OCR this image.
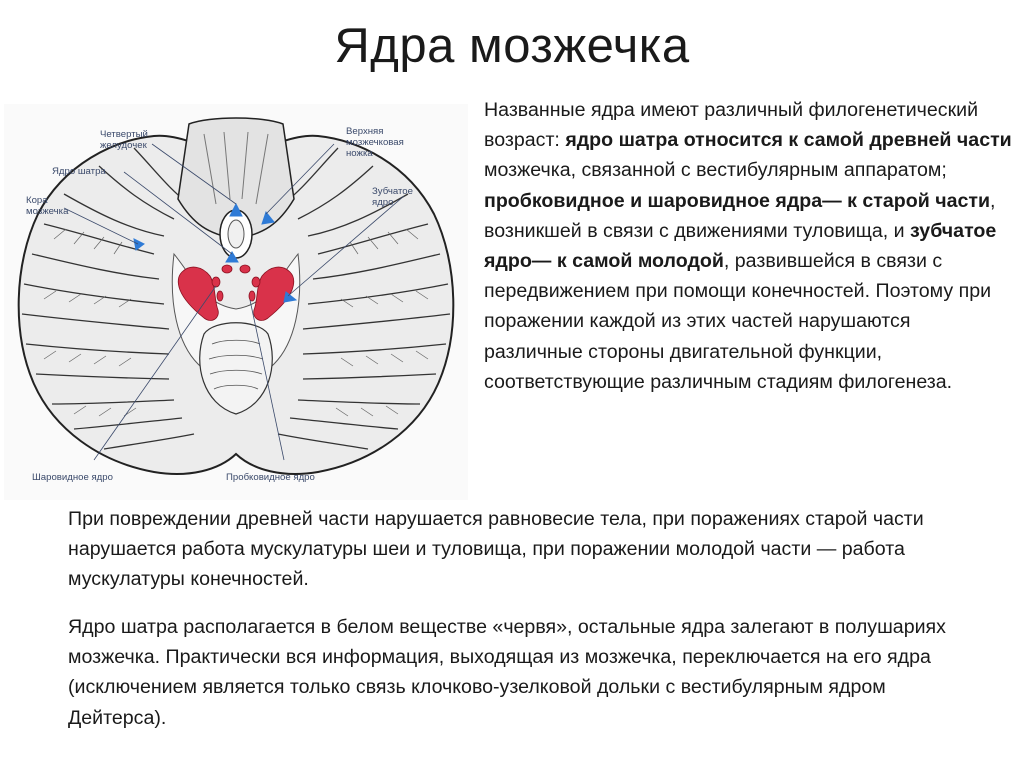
Ядра мозжечка
Четвертый
желудочек
Верхняя
мозжечковая
ножка
Ядро шатра
Зубчатое
ядро
Кора
мозжечка
Шаровидное ядро	Пробковидное ядро
Названные ядра имеют различный филогенетический возраст: ядро шатра относится к самой древней части мозжечка, связанной с вестибулярным аппаратом; пробковидное и шаровидное ядра— к старой части, возникшей в связи с движениями туловища, и зубчатое ядро— к самой молодой, развившейся в связи с передвижением при помощи конечностей. Поэтому при поражении каждой из этих частей нарушаются различные стороны двигательной функции, соответствующие различным стадиям филогенеза.

При повреждении древней части нарушается равновесие тела, при поражениях старой части нарушается работа мускулатуры шеи и туловища, при поражении молодой части — работа мускулатуры конечностей.

Ядро шатра располагается в белом веществе «червя», остальные ядра залегают в полушариях мозжечка. Практически вся информация, выходящая из мозжечка, переключается на его ядра (исключением является только связь клочково-узелковой дольки с вестибулярным ядром Дейтерса).
